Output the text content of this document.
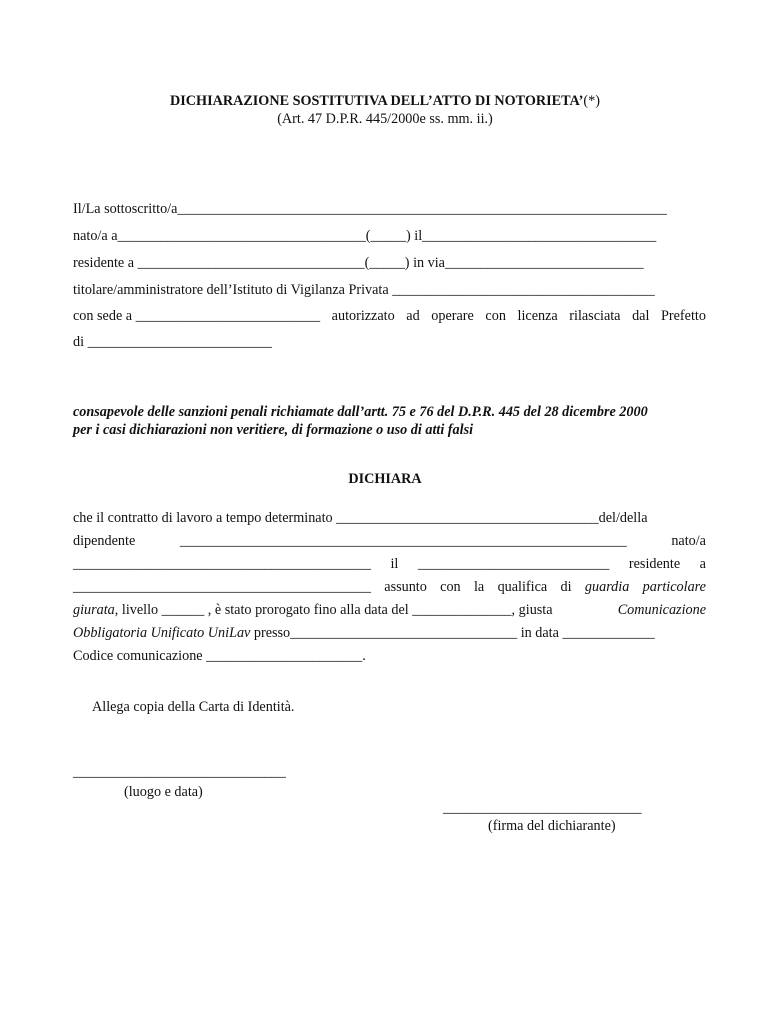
DICHIARAZIONE SOSTITUTIVA DELL’ATTO DI NOTORIETA’(*)
(Art. 47 D.P.R. 445/2000e ss. mm. ii.)
Il/La sottoscritto/a_____________________________________________________________________
nato/a a___________________________________(_____) il_________________________________
residente a ________________________________(_____) in via____________________________
titolare/amministratore dell’Istituto di Vigilanza Privata _____________________________________
con sede a __________________________ autorizzato ad operare con licenza rilasciata dal Prefetto
di __________________________
consapevole delle sanzioni penali richiamate dall’artt. 75 e 76 del D.P.R. 445 del 28 dicembre 2000
per i casi dichiarazioni non veritiere, di formazione o uso di atti falsi
DICHIARA
che il contratto di lavoro a tempo determinato _____________________________________del/della
dipendente	_______________________________________________________________	nato/a
__________________________________________ il ___________________________ residente a
__________________________________________ assunto con la qualifica di guardia particolare
giurata, livello ______ , è stato prorogato fino alla data del ______________, giusta	Comunicazione
Obbligatoria Unificato UniLav presso________________________________ in data _____________
Codice comunicazione ______________________.
Allega copia della Carta di Identità.
______________________________
(luogo e data)
____________________________
(firma del dichiarante)
